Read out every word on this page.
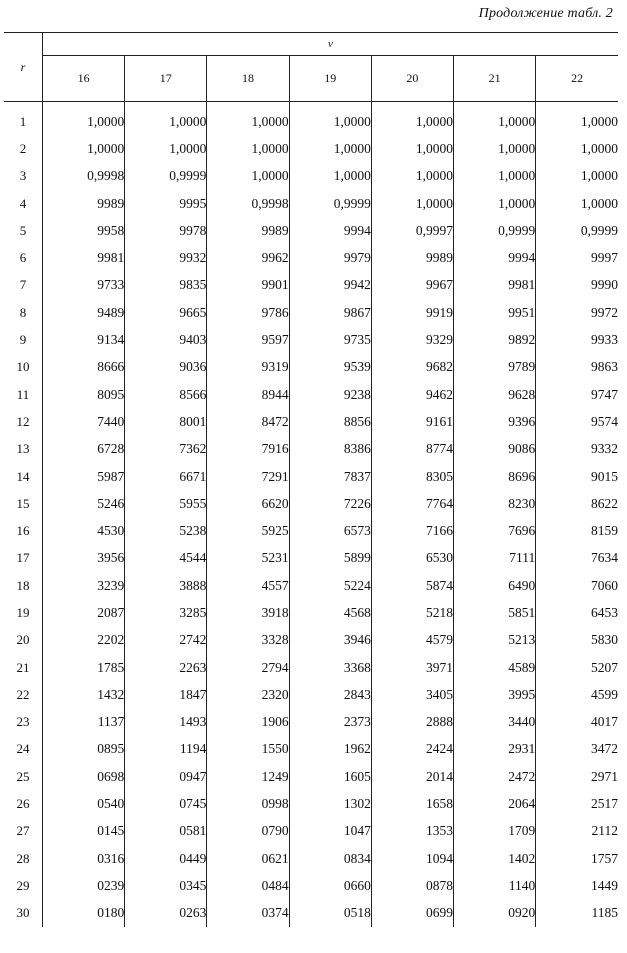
Продолжение табл. 2
r	ν						
	16	17	18	19	20	21	22
1	1,0000	1,0000	1,0000	1,0000	1,0000	1,0000	1,0000
2	1,0000	1,0000	1,0000	1,0000	1,0000	1,0000	1,0000
3	0,9998	0,9999	1,0000	1,0000	1,0000	1,0000	1,0000
4	9989	9995	0,9998	0,9999	1,0000	1,0000	1,0000
5	9958	9978	9989	9994	0,9997	0,9999	0,9999
6	9981	9932	9962	9979	9989	9994	9997
7	9733	9835	9901	9942	9967	9981	9990
8	9489	9665	9786	9867	9919	9951	9972
9	9134	9403	9597	9735	9329	9892	9933
10	8666	9036	9319	9539	9682	9789	9863
11	8095	8566	8944	9238	9462	9628	9747
12	7440	8001	8472	8856	9161	9396	9574
13	6728	7362	7916	8386	8774	9086	9332
14	5987	6671	7291	7837	8305	8696	9015
15	5246	5955	6620	7226	7764	8230	8622
16	4530	5238	5925	6573	7166	7696	8159
17	3956	4544	5231	5899	6530	7111	7634
18	3239	3888	4557	5224	5874	6490	7060
19	2087	3285	3918	4568	5218	5851	6453
20	2202	2742	3328	3946	4579	5213	5830
21	1785	2263	2794	3368	3971	4589	5207
22	1432	1847	2320	2843	3405	3995	4599
23	1137	1493	1906	2373	2888	3440	4017
24	0895	1194	1550	1962	2424	2931	3472
25	0698	0947	1249	1605	2014	2472	2971
26	0540	0745	0998	1302	1658	2064	2517
27	0145	0581	0790	1047	1353	1709	2112
28	0316	0449	0621	0834	1094	1402	1757
29	0239	0345	0484	0660	0878	1140	1449
30	0180	0263	0374	0518	0699	0920	1185
